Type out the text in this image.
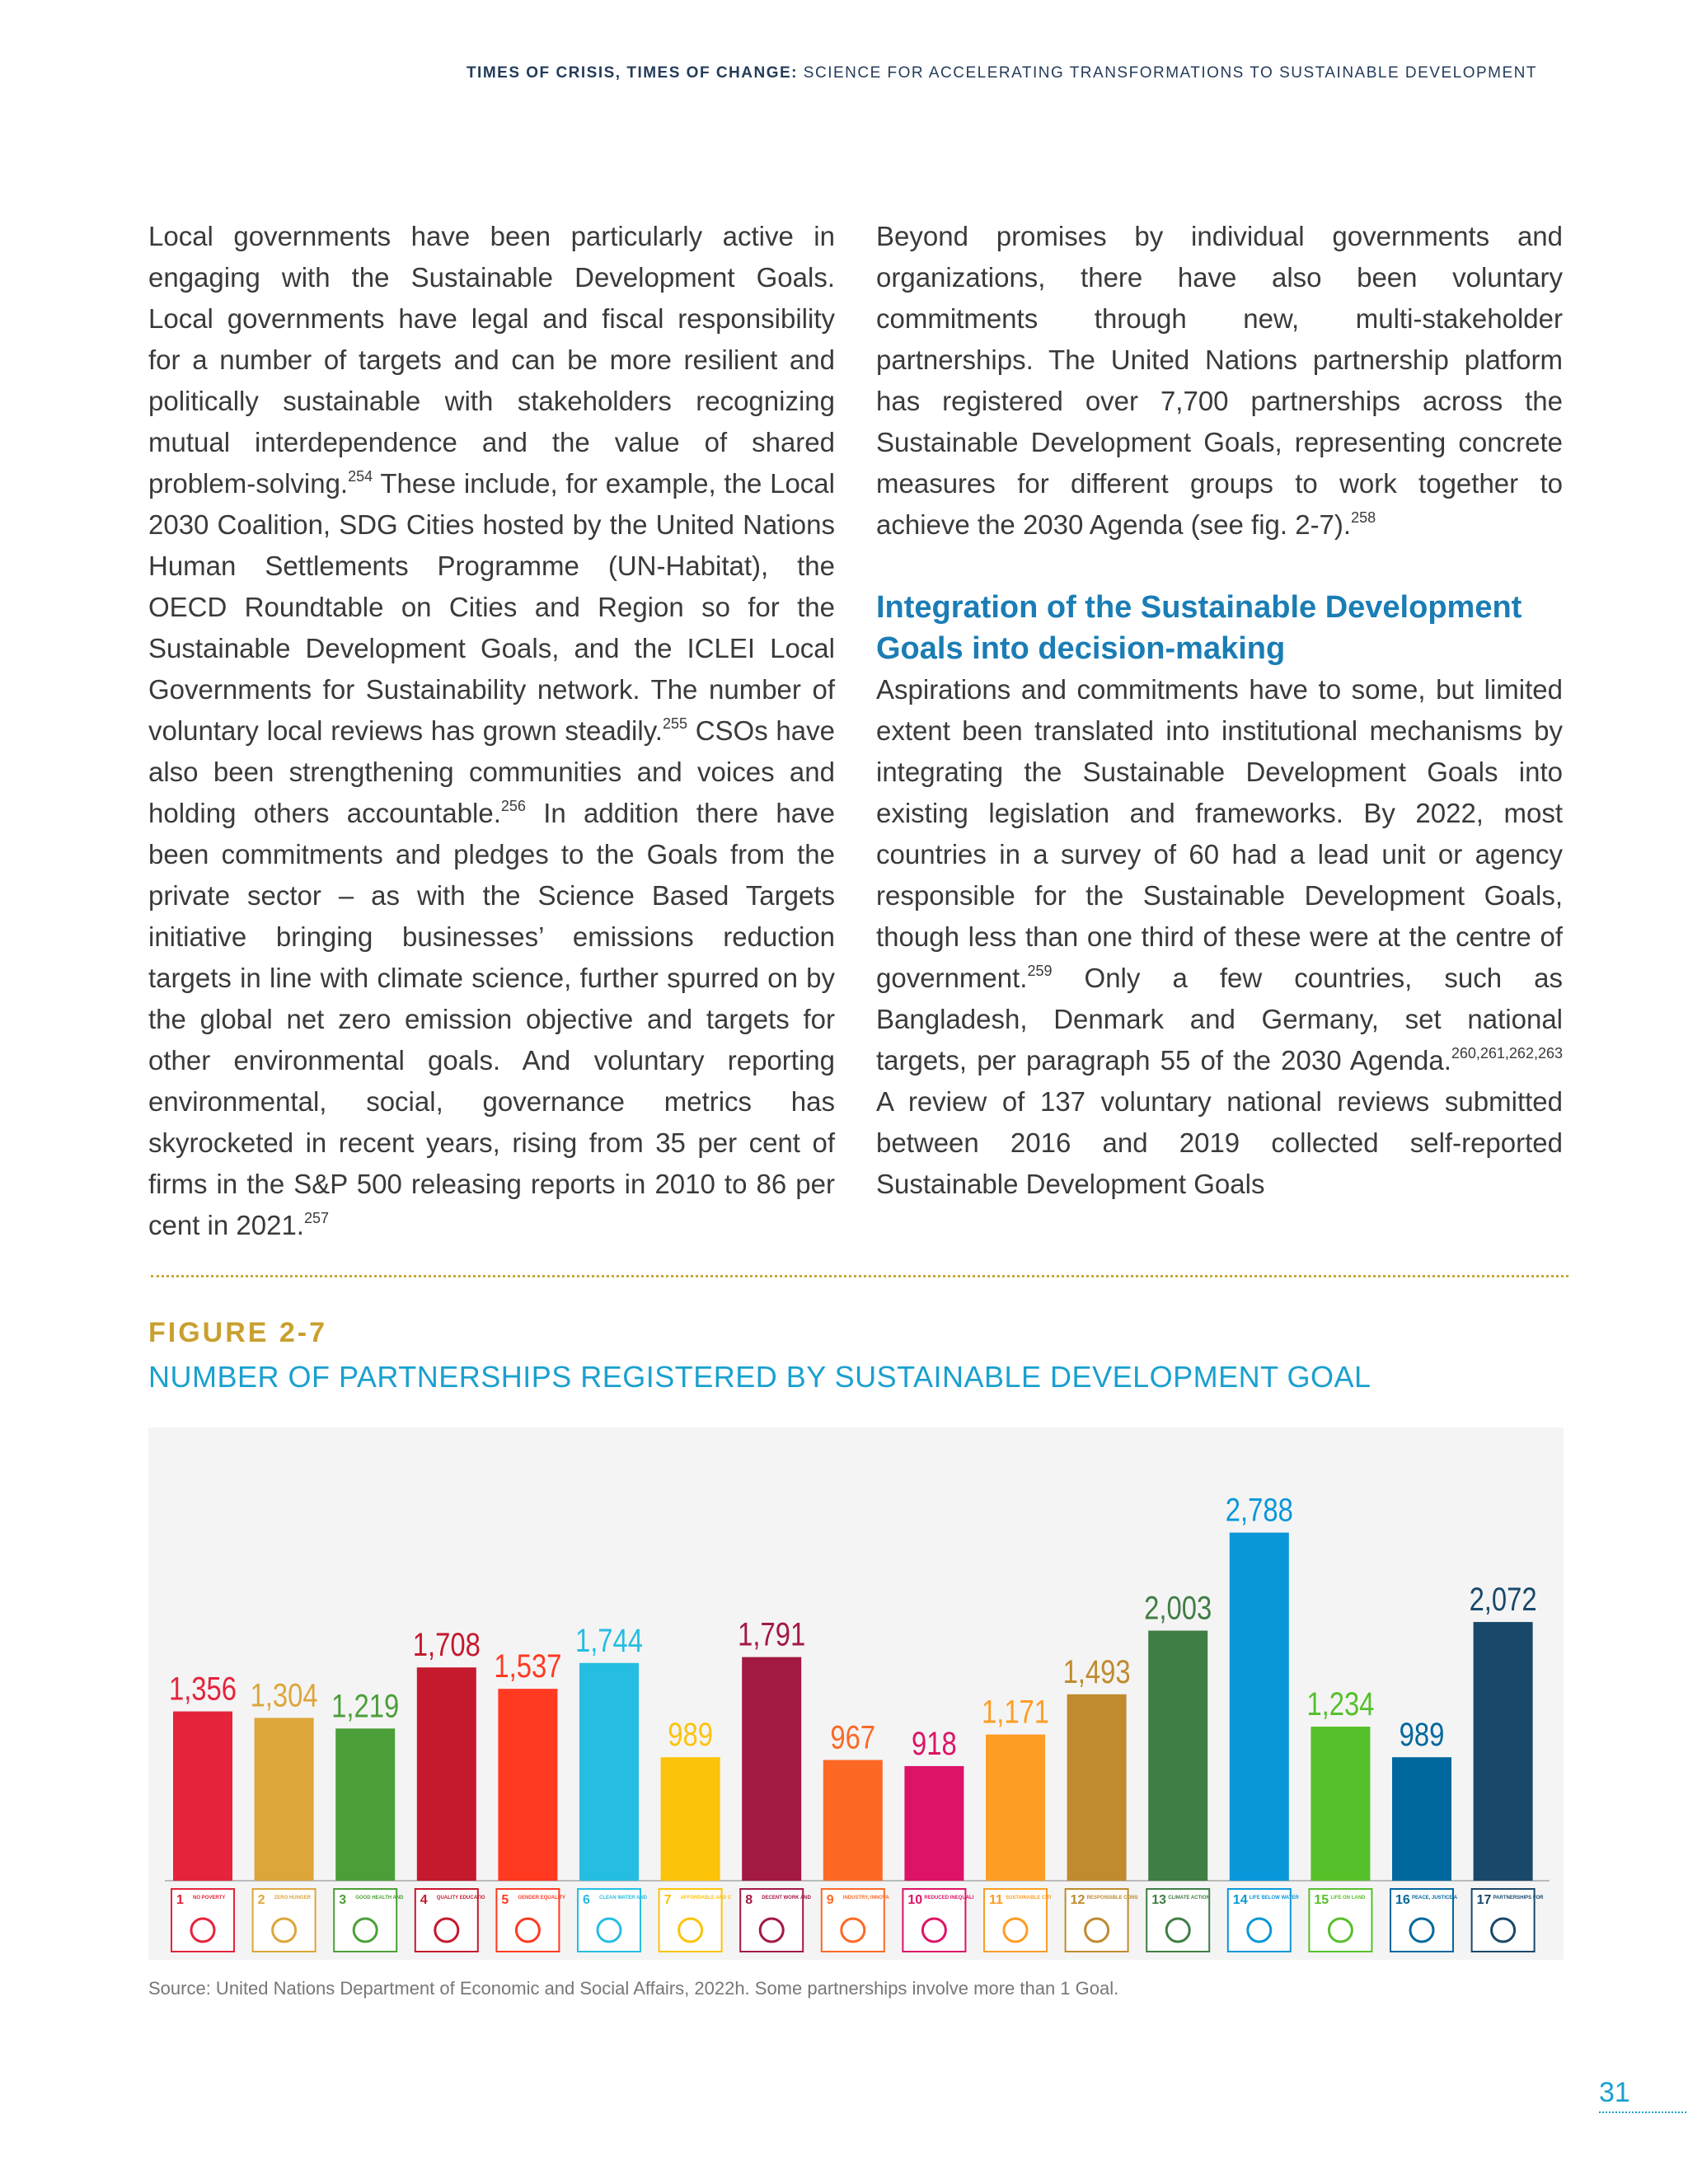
TIMES OF CRISIS, TIMES OF CHANGE: SCIENCE FOR ACCELERATING TRANSFORMATIONS TO SUSTAINABLE DEVELOPMENT

Local governments have been particularly active in engaging with the Sustainable Development Goals. Local governments have legal and fiscal responsibility for a number of targets and can be more resilient and politically sustainable with stakeholders recognizing mutual interdependence and the value of shared problem-solving.$^{254}$ These include, for example, the Local 2030 Coalition, SDG Cities hosted by the United Nations Human Settlements Programme (UN-Habitat), the OECD Roundtable on Cities and Region so for the Sustainable Development Goals, and the ICLEI Local Governments for Sustainability network. The number of voluntary local reviews has grown steadily.$^{255}$ CSOs have also been strengthening communities and voices and holding others accountable.$^{256}$ In addition there have been commitments and pledges to the Goals from the private sector – as with the Science Based Targets initiative bringing businesses’ emissions reduction targets in line with climate science, further spurred on by the global net zero emission objective and targets for other environmental goals. And voluntary reporting environmental, social, governance metrics has skyrocketed in recent years, rising from 35 per cent of firms in the S&P 500 releasing reports in 2010 to 86 per cent in 2021.$^{257}$

Beyond promises by individual governments and organizations, there have also been voluntary commitments through new, multi-stakeholder partnerships. The United Nations partnership platform has registered over 7,700 partnerships across the Sustainable Development Goals, representing concrete measures for different groups to work together to achieve the 2030 Agenda (see fig. 2-7).$^{258}$

Integration of the Sustainable Development Goals into decision-making

Aspirations and commitments have to some, but limited extent been translated into institutional mechanisms by integrating the Sustainable Development Goals into existing legislation and frameworks. By 2022, most countries in a survey of 60 had a lead unit or agency responsible for the Sustainable Development Goals, though less than one third of these were at the centre of government.$^{259}$ Only a few countries, such as Bangladesh, Denmark and Germany, set national targets, per paragraph 55 of the 2030 Agenda.$^{260,261,262,263}$ A review of 137 voluntary national reviews submitted between 2016 and 2019 collected self-reported Sustainable Development Goals

FIGURE 2-7
NUMBER OF PARTNERSHIPS REGISTERED BY SUSTAINABLE DEVELOPMENT GOAL
1,356
1 NO POVERTY
1,304
2 ZERO HUNGER
1,219
3 GOOD HEALTH AND
1,708
4 QUALITY EDUCATIO
1,537
5 GENDER EQUALITY
1,744
6 CLEAN WATER AND
989
7 AFFORDABLE AND C
1,791
8 DECENT WORK AND
967
9 INDUSTRY, INNOVA
918
10 REDUCED INEQUALI
1,171
11 SUSTAINABLE CITI
1,493
12 RESPONSIBLE CONS
2,003
13 CLIMATE ACTION
2,788
14 LIFE BELOW WATER
1,234
15 LIFE ON LAND
989
16 PEACE, JUSTICE A
2,072
17 PARTNERSHIPS FOR
Source: United Nations Department of Economic and Social Affairs, 2022h. Some partnerships involve more than 1 Goal.
31
